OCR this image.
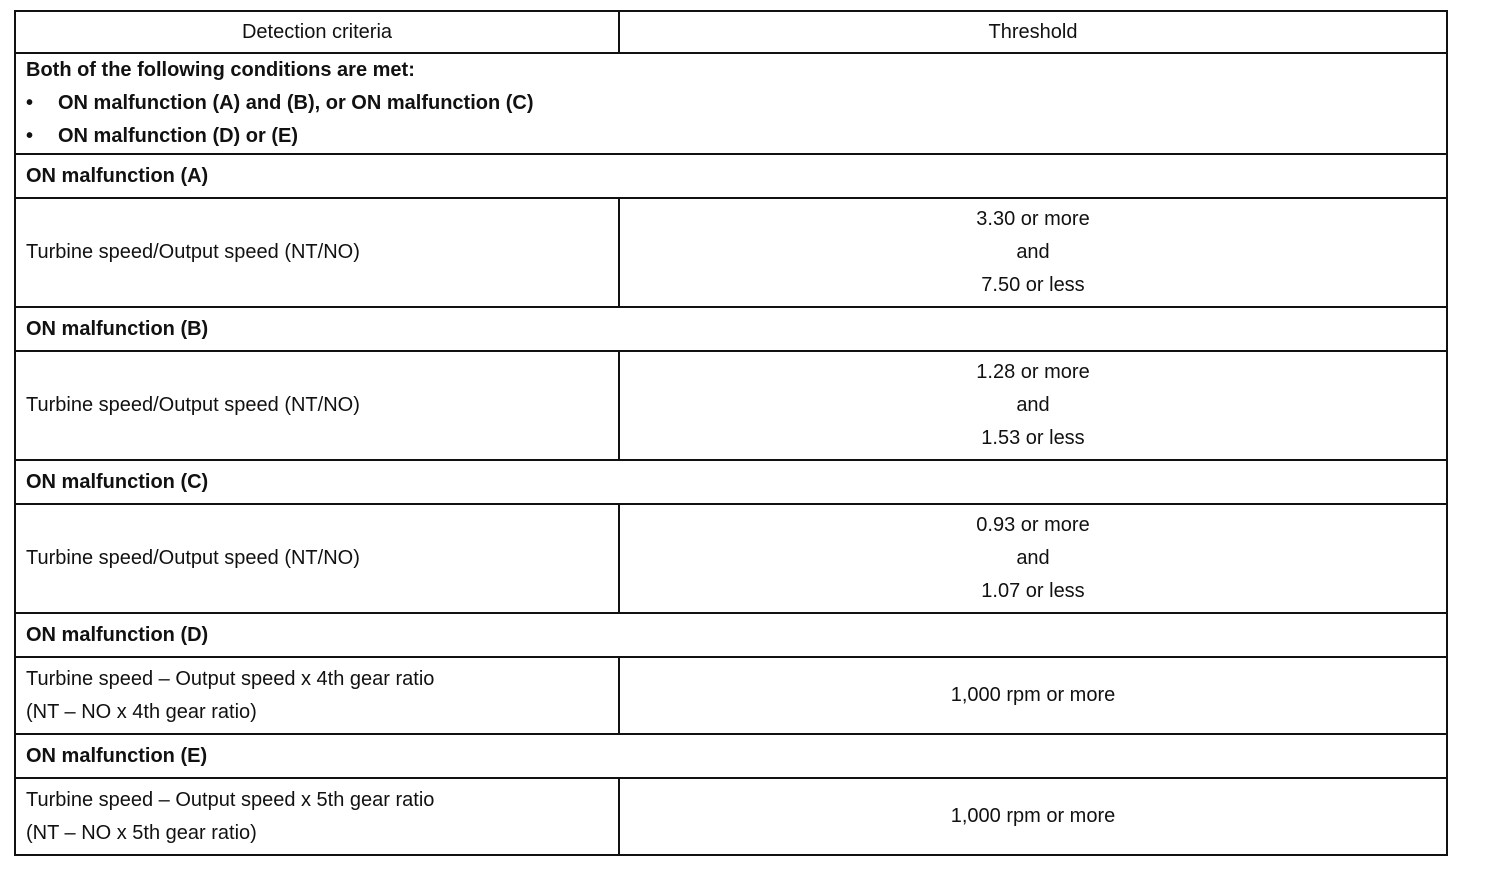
Detection criteria	Threshold

Both of the following conditions are met:
• ON malfunction (A) and (B), or ON malfunction (C)
• ON malfunction (D) or (E)	

ON malfunction (A)	

Turbine speed/Output speed (NT/NO)	3.30 or more
and
7.50 or less

ON malfunction (B)	

Turbine speed/Output speed (NT/NO)	1.28 or more
and
1.53 or less

ON malfunction (C)	

Turbine speed/Output speed (NT/NO)	0.93 or more
and
1.07 or less

ON malfunction (D)	

Turbine speed – Output speed x 4th gear ratio
(NT – NO x 4th gear ratio)	1,000 rpm or more

ON malfunction (E)	

Turbine speed – Output speed x 5th gear ratio
(NT – NO x 5th gear ratio)	1,000 rpm or more
